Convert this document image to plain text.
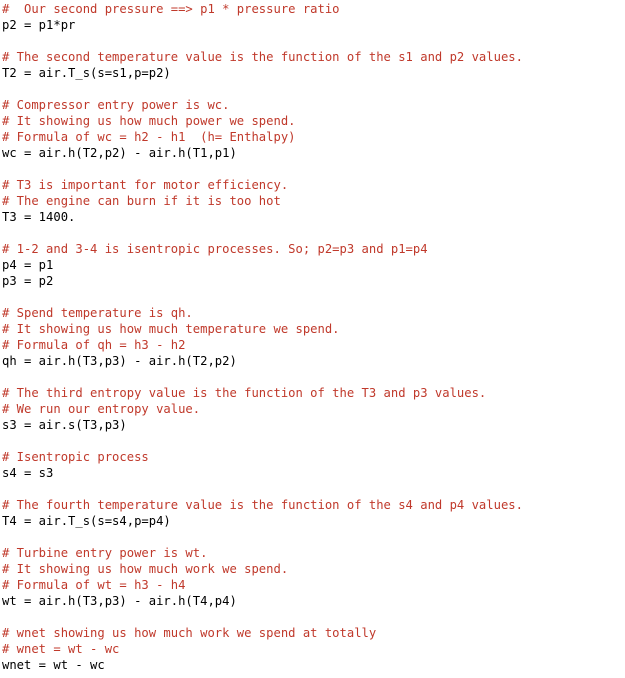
#  Our second pressure ==> p1 * pressure ratio
p2 = p1*pr
# The second temperature value is the function of the s1 and p2 values.
T2 = air.T_s(s=s1,p=p2)
# Compressor entry power is wc.
# It showing us how much power we spend.
# Formula of wc = h2 - h1  (h= Enthalpy)
wc = air.h(T2,p2) - air.h(T1,p1)
# T3 is important for motor efficiency.
# The engine can burn if it is too hot
T3 = 1400.
# 1-2 and 3-4 is isentropic processes. So; p2=p3 and p1=p4
p4 = p1
p3 = p2
# Spend temperature is qh.
# It showing us how much temperature we spend.
# Formula of qh = h3 - h2
qh = air.h(T3,p3) - air.h(T2,p2)
# The third entropy value is the function of the T3 and p3 values.
# We run our entropy value.
s3 = air.s(T3,p3)
# Isentropic process
s4 = s3
# The fourth temperature value is the function of the s4 and p4 values.
T4 = air.T_s(s=s4,p=p4)
# Turbine entry power is wt.
# It showing us how much work we spend.
# Formula of wt = h3 - h4
wt = air.h(T3,p3) - air.h(T4,p4)
# wnet showing us how much work we spend at totally
# wnet = wt - wc
wnet = wt - wc
